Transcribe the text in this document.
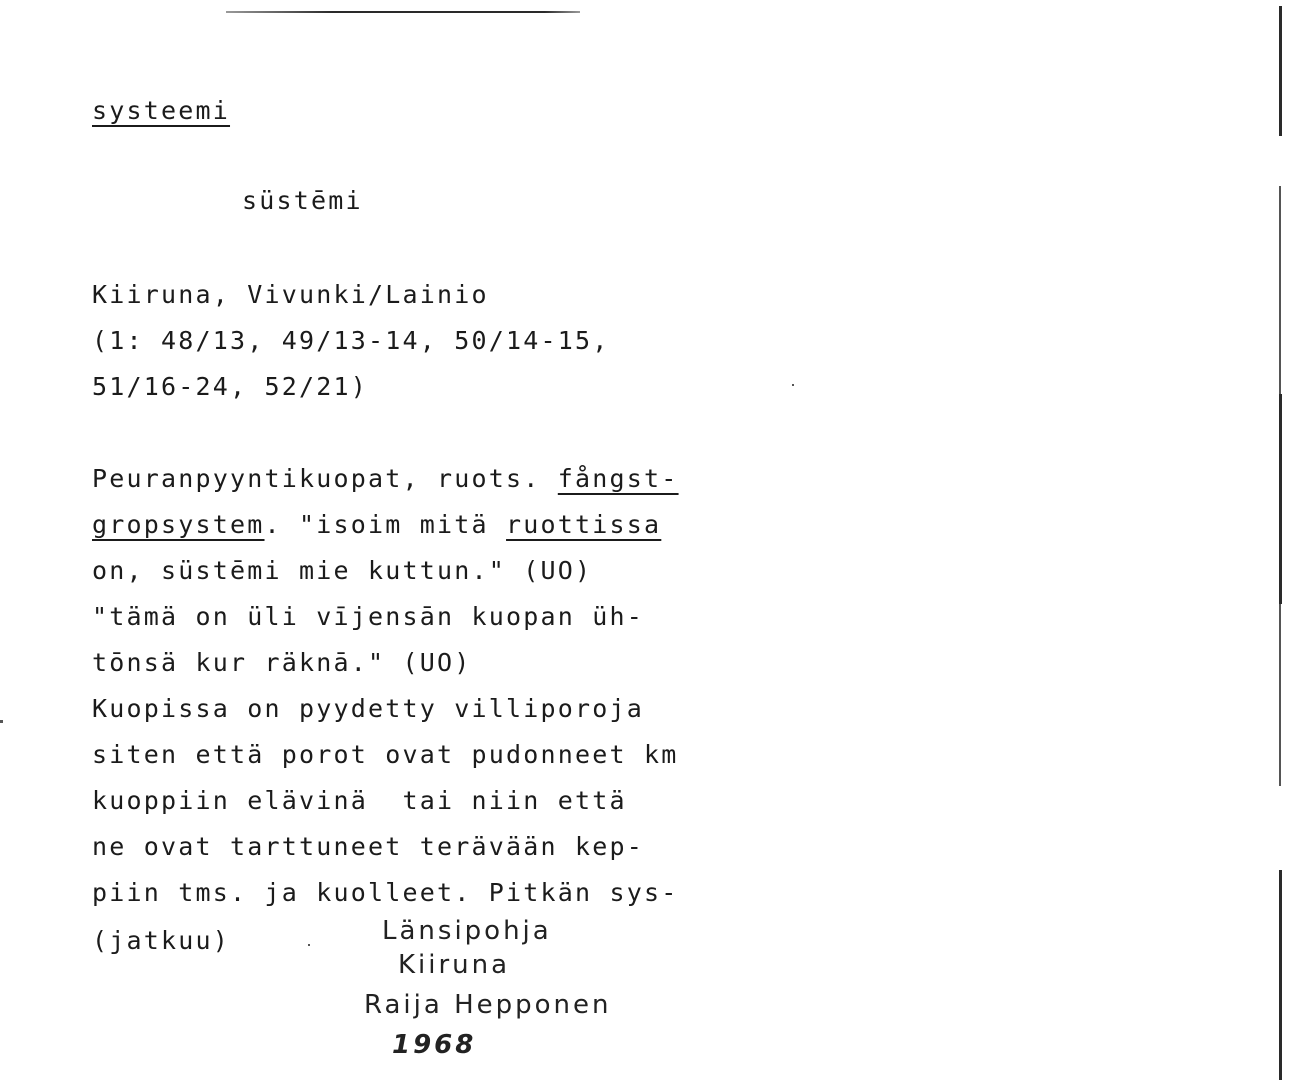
systeemi
süstēmi
Kiiruna, Vivunki/Lainio
(1: 48/13, 49/13-14, 50/14-15,
51/16-24, 52/21)
Peuranpyyntikuopat, ruots. fångst-
gropsystem. "isoim mitä ruottissa
on, süstēmi mie kuttun." (UO)
"tämä on üli vījensān kuopan üh-
tōnsä kur räknā." (UO)
Kuopissa on pyydetty villiporoja
siten että porot ovat pudonneet km
kuoppiin elävinä  tai niin että
ne ovat tarttuneet terävään kep-
piin tms. ja kuolleet. Pitkän sys-
(jatkuu)	Länsipohja
Kiiruna
Raija Hepponen
1968
